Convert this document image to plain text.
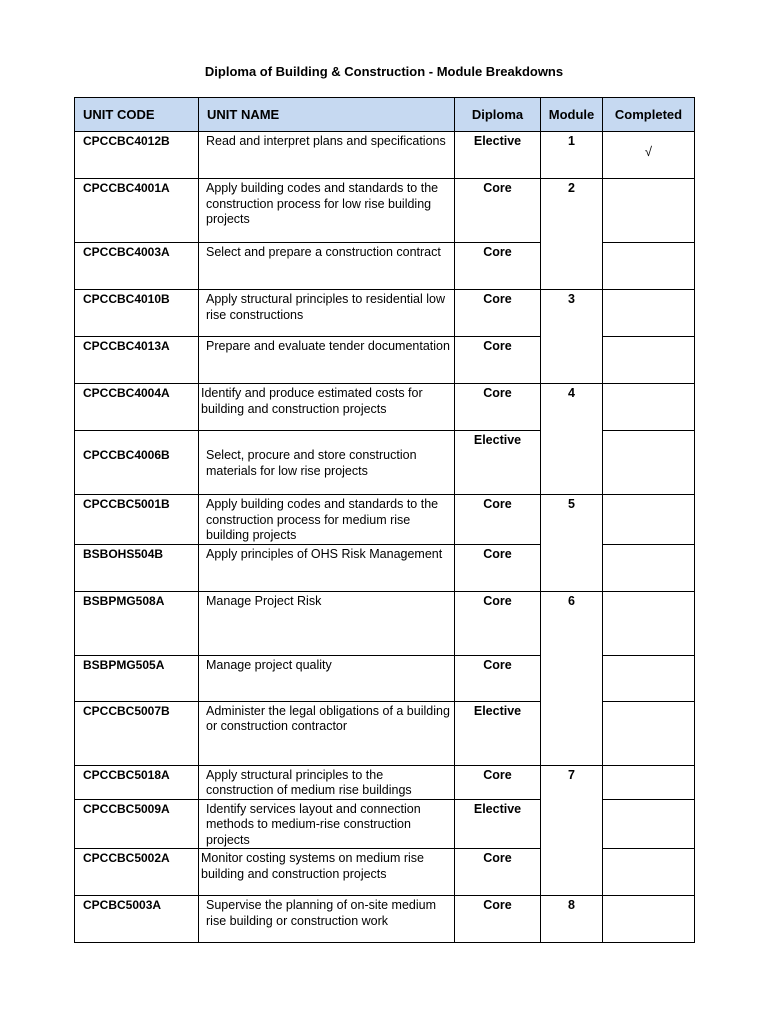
Diploma of Building & Construction - Module Breakdowns
UNIT CODE	UNIT NAME	Diploma	Module	Completed
CPCCBC4012B	Read and interpret plans and specifications	Elective	1	√
CPCCBC4001A	Apply building codes and standards to the construction process for low rise building projects	Core	2	
CPCCBC4003A	Select and prepare a construction contract	Core		
CPCCBC4010B	Apply structural principles to residential low rise constructions	Core	3	
CPCCBC4013A	Prepare and evaluate tender documentation	Core		
CPCCBC4004A	Identify and produce estimated costs for building and construction projects	Core	4	
CPCCBC4006B	Select, procure and store construction materials for low rise projects	Elective		
CPCCBC5001B	Apply building codes and standards to the construction process for medium rise building projects	Core	5	
BSBOHS504B	Apply principles of OHS Risk Management	Core		
BSBPMG508A	Manage Project Risk	Core	6	
BSBPMG505A	Manage project quality	Core		
CPCCBC5007B	Administer the legal obligations of a building or construction contractor	Elective		
CPCCBC5018A	Apply structural principles to the construction of medium rise buildings	Core	7	
CPCCBC5009A	Identify services layout and connection methods to medium-rise construction projects	Elective		
CPCCBC5002A	Monitor costing systems on medium rise building and construction projects	Core		
CPCBC5003A	Supervise the planning of on-site medium rise building or construction work	Core	8	
